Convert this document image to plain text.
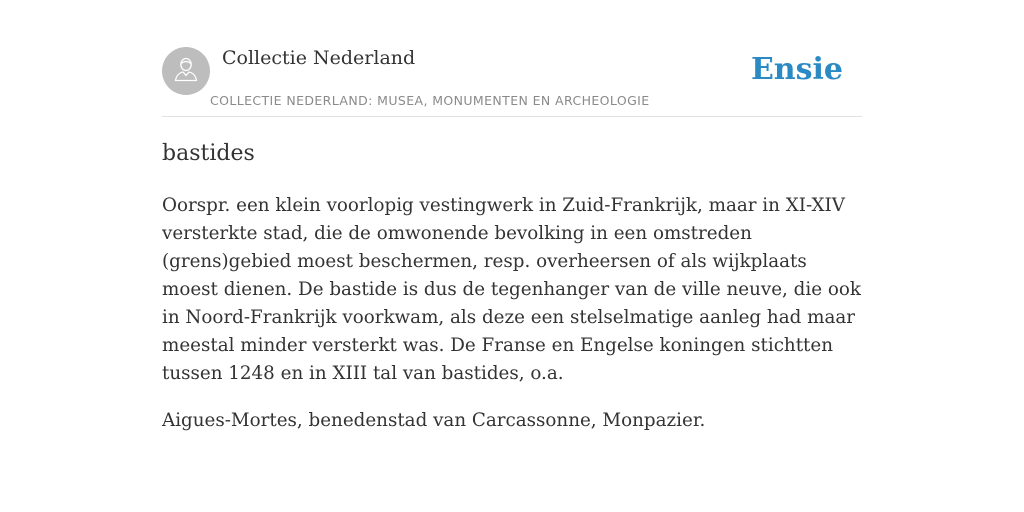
Collectie Nederland
COLLECTIE NEDERLAND: MUSEA, MONUMENTEN EN ARCHEOLOGIE
Ensie
bastides

Oorspr. een klein voorlopig vestingwerk in Zuid-Frankrijk, maar in XI-XIV versterkte stad, die de omwonende bevolking in een omstreden (grens)gebied moest beschermen, resp. overheersen of als wijkplaats moest dienen. De bastide is dus de tegenhanger van de ville neuve, die ook in Noord-Frankrijk voorkwam, als deze een stelselmatige aanleg had maar meestal minder versterkt was. De Franse en Engelse koningen stichtten tussen 1248 en in XIII tal van bastides, o.a.

Aigues-Mortes, benedenstad van Carcassonne, Monpazier.
